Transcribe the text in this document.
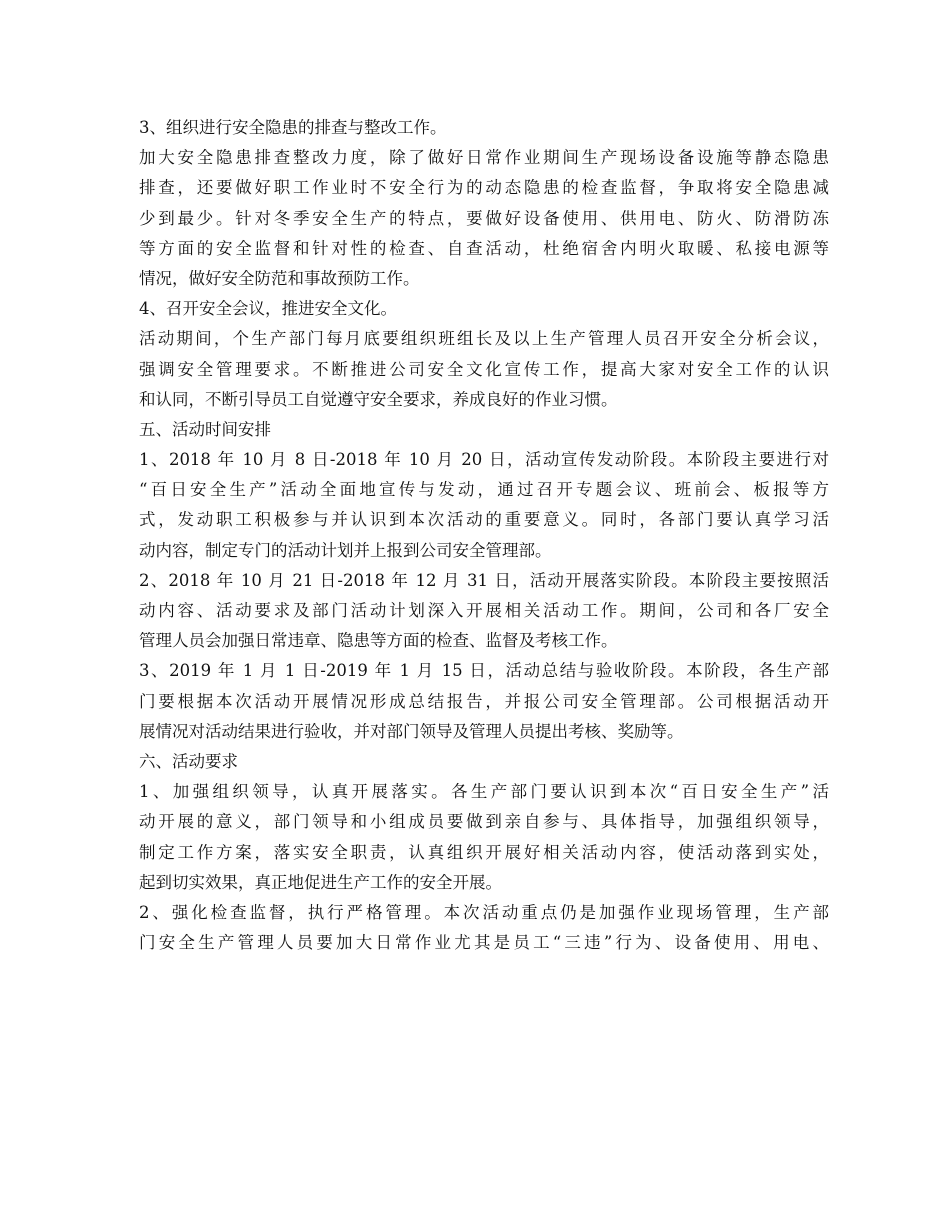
3、组织进行安全隐患的排查与整改工作。
加大安全隐患排查整改力度，除了做好日常作业期间生产现场设备设施等静态隐患
排查，还要做好职工作业时不安全行为的动态隐患的检查监督，争取将安全隐患减
少到最少。针对冬季安全生产的特点，要做好设备使用、供用电、防火、防滑防冻
等方面的安全监督和针对性的检查、自查活动，杜绝宿舍内明火取暖、私接电源等
情况，做好安全防范和事故预防工作。
4、召开安全会议，推进安全文化。
活动期间，个生产部门每月底要组织班组长及以上生产管理人员召开安全分析会议，
强调安全管理要求。不断推进公司安全文化宣传工作，提高大家对安全工作的认识
和认同，不断引导员工自觉遵守安全要求，养成良好的作业习惯。
五、活动时间安排
1、2018 年 10 月 8 日-2018 年 10 月 20 日，活动宣传发动阶段。本阶段主要进行对
“百日安全生产”活动全面地宣传与发动，通过召开专题会议、班前会、板报等方
式，发动职工积极参与并认识到本次活动的重要意义。同时，各部门要认真学习活
动内容，制定专门的活动计划并上报到公司安全管理部。
2、2018 年 10 月 21 日-2018 年 12 月 31 日，活动开展落实阶段。本阶段主要按照活
动内容、活动要求及部门活动计划深入开展相关活动工作。期间，公司和各厂安全
管理人员会加强日常违章、隐患等方面的检查、监督及考核工作。
3、2019 年 1 月 1 日-2019 年 1 月 15 日，活动总结与验收阶段。本阶段，各生产部
门要根据本次活动开展情况形成总结报告，并报公司安全管理部。公司根据活动开
展情况对活动结果进行验收，并对部门领导及管理人员提出考核、奖励等。
六、活动要求
1、加强组织领导，认真开展落实。各生产部门要认识到本次“百日安全生产”活
动开展的意义，部门领导和小组成员要做到亲自参与、具体指导，加强组织领导，
制定工作方案，落实安全职责，认真组织开展好相关活动内容，使活动落到实处，
起到切实效果，真正地促进生产工作的安全开展。
2、强化检查监督，执行严格管理。本次活动重点仍是加强作业现场管理，生产部
门安全生产管理人员要加大日常作业尤其是员工“三违”行为、设备使用、用电、
